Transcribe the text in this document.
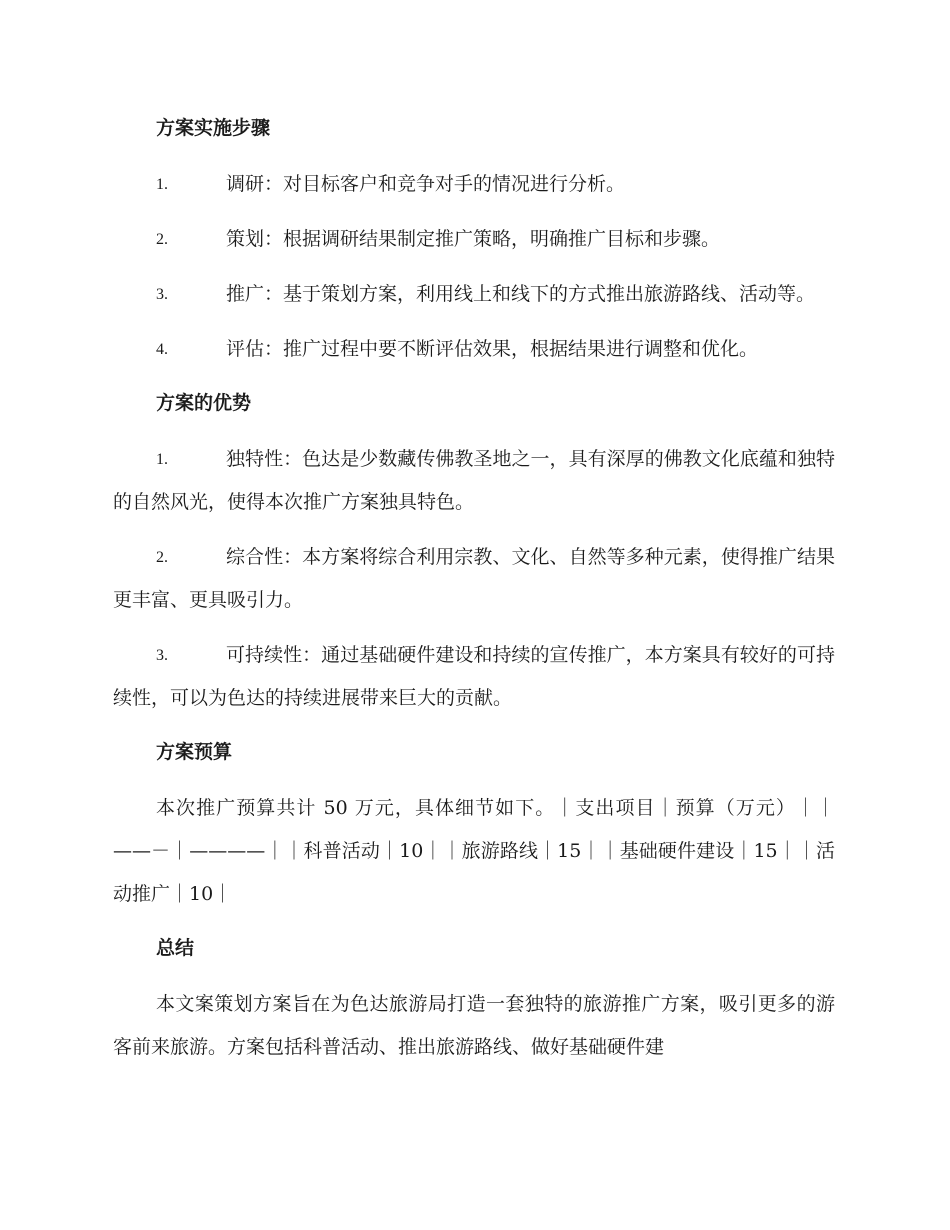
方案实施步骤
1.	调研：对目标客户和竞争对手的情况进行分析。
2.	策划：根据调研结果制定推广策略，明确推广目标和步骤。
3.	推广：基于策划方案，利用线上和线下的方式推出旅游路线、活动等。
4.	评估：推广过程中要不断评估效果，根据结果进行调整和优化。
方案的优势
1.	独特性：色达是少数藏传佛教圣地之一，具有深厚的佛教文化底蕴和独特的自然风光，使得本次推广方案独具特色。
2.	综合性：本方案将综合利用宗教、文化、自然等多种元素，使得推广结果更丰富、更具吸引力。
3.	可持续性：通过基础硬件建设和持续的宣传推广，本方案具有较好的可持续性，可以为色达的持续进展带来巨大的贡献。
方案预算
本次推广预算共计 50 万元，具体细节如下。｜支出项目｜预算（万元）｜｜——－｜————｜｜科普活动｜10｜｜旅游路线｜15｜｜基础硬件建设｜15｜｜活动推广｜10｜
总结
本文案策划方案旨在为色达旅游局打造一套独特的旅游推广方案，吸引更多的游客前来旅游。方案包括科普活动、推出旅游路线、做好基础硬件建
